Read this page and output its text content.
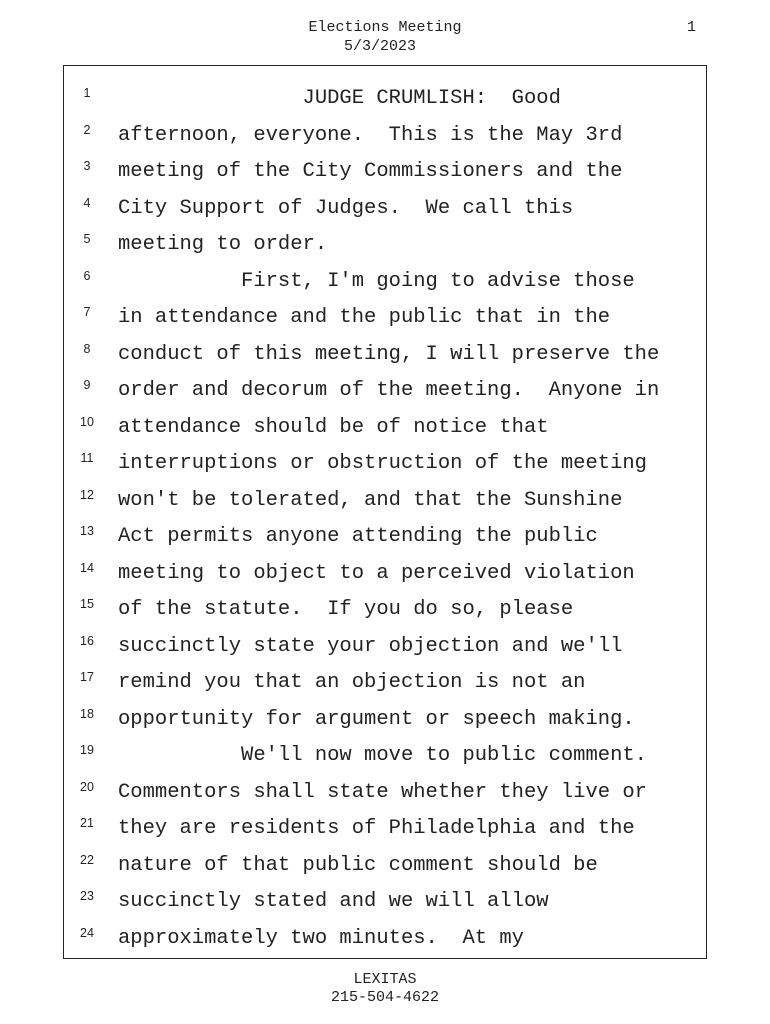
Elections Meeting
5/3/2023
1
1	JUDGE CRUMLISH:  Good
2	afternoon, everyone.  This is the May 3rd
3	meeting of the City Commissioners and the
4	City Support of Judges.  We call this
5	meeting to order.
6	First, I'm going to advise those
7	in attendance and the public that in the
8	conduct of this meeting, I will preserve the
9	order and decorum of the meeting.  Anyone in
10	attendance should be of notice that
11	interruptions or obstruction of the meeting
12	won't be tolerated, and that the Sunshine
13	Act permits anyone attending the public
14	meeting to object to a perceived violation
15	of the statute.  If you do so, please
16	succinctly state your objection and we'll
17	remind you that an objection is not an
18	opportunity for argument or speech making.
19	We'll now move to public comment.
20	Commentors shall state whether they live or
21	they are residents of Philadelphia and the
22	nature of that public comment should be
23	succinctly stated and we will allow
24	approximately two minutes.  At my
LEXITAS
215-504-4622
